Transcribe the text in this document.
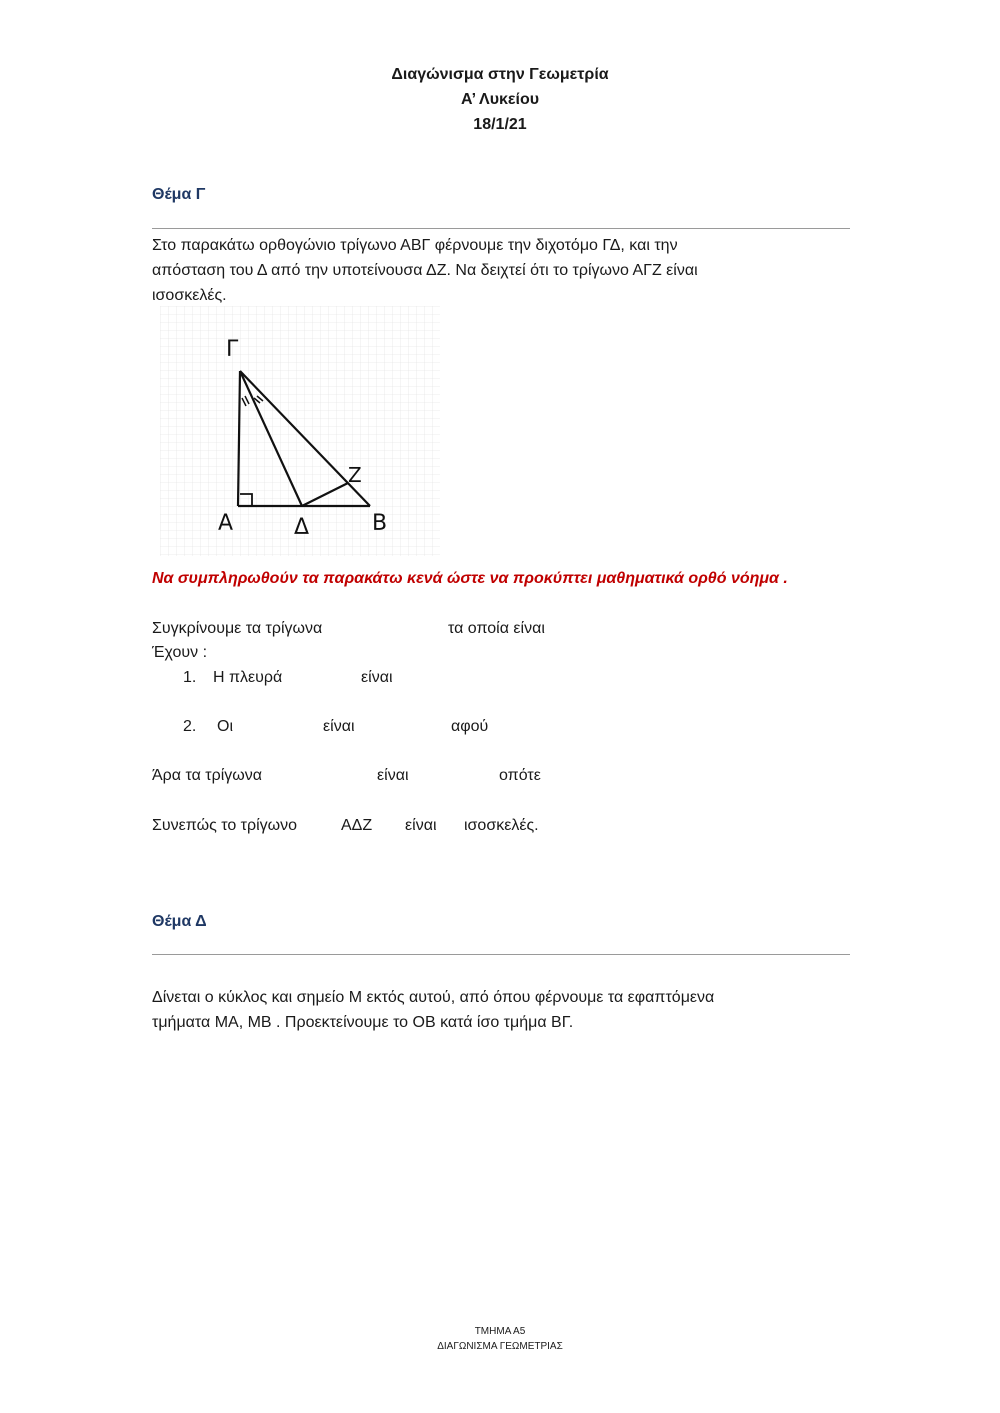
Διαγώνισμα στην Γεωμετρία
Α’ Λυκείου
18/1/21
Θέμα Γ
Στο παρακάτω ορθογώνιο τρίγωνο ΑΒΓ φέρνουμε την διχοτόμο ΓΔ, και την
απόσταση του Δ από την υποτείνουσα ΔΖ. Να δειχτεί ότι το τρίγωνο ΑΓΖ είναι
ισοσκελές.
Γ
Α	Δ	Β
Ζ
Να συμπληρωθούν τα παρακάτω κενά ώστε να προκύπτει μαθηματικά ορθό νόημα .
Συγκρίνουμε τα τρίγωνα	τα οποία είναι
Έχουν :
1. Η πλευρά	είναι
2. Οι	είναι	αφού
Άρα τα τρίγωνα	είναι	οπότε
Συνεπώς το τρίγωνο	ΑΔΖ είναι ισοσκελές.
Θέμα Δ
Δίνεται ο κύκλος και σημείο Μ εκτός αυτού, από όπου φέρνουμε τα εφαπτόμενα
τμήματα ΜΑ, ΜΒ . Προεκτείνουμε το ΟΒ κατά ίσο τμήμα ΒΓ.
ΤΜΗΜΑ Α5
ΔΙΑΓΩΝΙΣΜΑ ΓΕΩΜΕΤΡΙΑΣ
